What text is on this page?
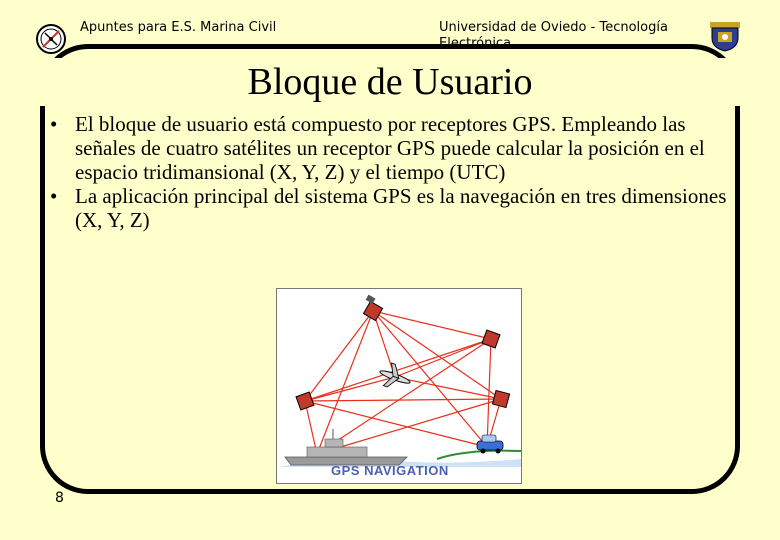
Apuntes para E.S. Marina Civil	Universidad de Oviedo - Tecnología Electrónica
Bloque de Usuario
• El bloque de usuario está compuesto por receptores GPS. Empleando las señales de cuatro satélites un receptor GPS puede calcular la posición en el espacio tridimansional (X, Y, Z) y el tiempo (UTC)
• La aplicación principal del sistema GPS es la navegación en tres dimensiones (X, Y, Z)
GPS NAVIGATION
8
